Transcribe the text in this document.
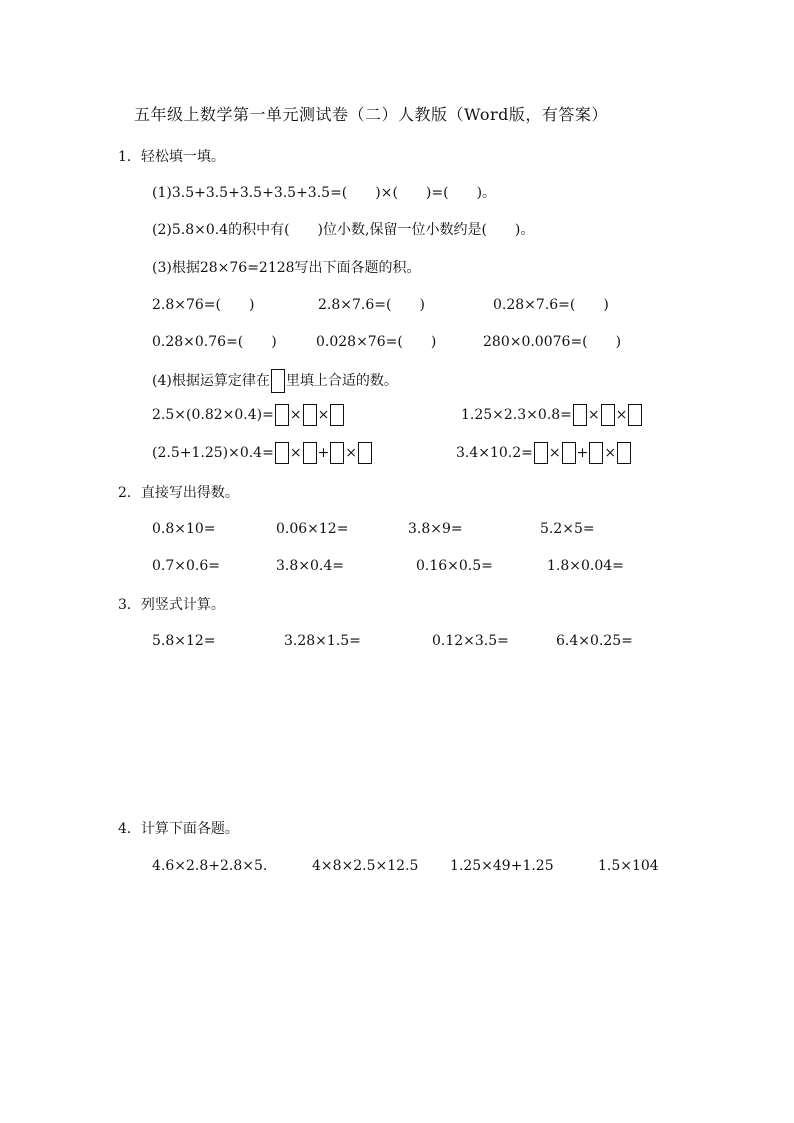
五年级上数学第一单元测试卷（二）人教版（Word版，有答案）
1．轻松填一填。
(1)3.5+3.5+3.5+3.5+3.5=(　　)×(　　)=(　　)。
(2)5.8×0.4的积中有(　　)位小数,保留一位小数约是(　　)。
(3)根据28×76=2128写出下面各题的积。
2.8×76=(　　)	2.8×7.6=(　　)	0.28×7.6=(　　)
0.28×0.76=(　　)	0.028×76=(　　)	280×0.0076=(　　)
(4)根据运算定律在 里填上合适的数。
2.5×(0.82×0.4)= × ×	1.25×2.3×0.8= × ×
(2.5+1.25)×0.4= × + ×	3.4×10.2= × + ×
2．直接写出得数。
0.8×10=	0.06×12=	3.8×9=	5.2×5=
0.7×0.6=	3.8×0.4=	0.16×0.5=	1.8×0.04=
3．列竖式计算。
5.8×12=	3.28×1.5=	0.12×3.5=	6.4×0.25=
4．计算下面各题。
4.6×2.8+2.8×5.	4×8×2.5×12.5 1.25×49+1.25	1.5×104
